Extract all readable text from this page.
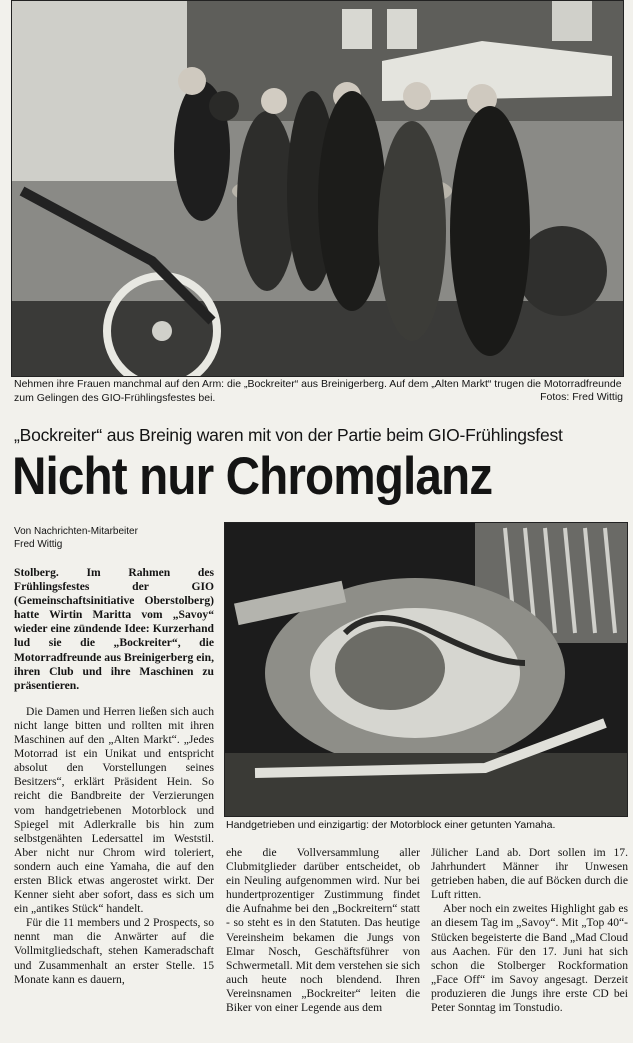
Nehmen ihre Frauen manchmal auf den Arm: die „Bockreiter“ aus Breinigerberg. Auf dem „Alten Markt“ trugen die Motorradfreunde zum Gelingen des GIO-Frühlingsfestes bei.	Fotos: Fred Wittig
„Bockreiter“ aus Breinig waren mit von der Partie beim GIO-Frühlingsfest
Nicht nur Chromglanz
Von Nachrichten-Mitarbeiter
Fred Wittig

Stolberg. Im Rahmen des Frühlingsfestes der GIO (Gemeinschaftsinitiative Oberstolberg) hatte Wirtin Maritta vom „Savoy“ wieder eine zündende Idee: Kurzerhand lud sie die „Bockreiter“, die Motorradfreunde aus Breinigerberg ein, ihren Club und ihre Maschinen zu präsentieren.

Die Damen und Herren ließen sich auch nicht lange bitten und rollten mit ihren Maschinen auf den „Alten Markt“. „Jedes Motorrad ist ein Unikat und entspricht absolut den Vorstellungen seines Besitzers“, erklärt Präsident Hein. So reicht die Bandbreite der Verzierungen vom handgetriebenen Motorblock und Spiegel mit Adlerkralle bis hin zum selbstgenähten Ledersattel im Weststil. Aber nicht nur Chrom wird toleriert, sondern auch eine Yamaha, die auf den ersten Blick etwas angerostet wirkt. Der Kenner sieht aber sofort, dass es sich um ein „antikes Stück“ handelt.

Für die 11 members und 2 Prospects, so nennt man die Anwärter auf die Vollmitgliedschaft, stehen Kameradschaft und Zusammenhalt an erster Stelle. 15 Monate kann es dauern,

Handgetrieben und einzigartig: der Motorblock einer getunten Yamaha.

ehe die Vollversammlung aller Clubmitglieder darüber entscheidet, ob ein Neuling aufgenommen wird. Nur bei hundertprozentiger Zustimmung findet die Aufnahme bei den „Bockreitern“ statt - so steht es in den Statuten. Das heutige Vereinsheim bekamen die Jungs von Elmar Nosch, Geschäftsführer von Schwermetall. Mit dem verstehen sie sich auch heute noch blendend. Ihren Vereinsnamen „Bockreiter“ leiten die Biker von einer Legende aus dem

Jülicher Land ab. Dort sollen im 17. Jahrhundert Männer ihr Unwesen getrieben haben, die auf Böcken durch die Luft ritten.

Aber noch ein zweites Highlight gab es an diesem Tag im „Savoy“. Mit „Top 40“-Stücken begeisterte die Band „Mad Cloud aus Aachen. Für den 17. Juni hat sich schon die Stolberger Rockformation „Face Off“ im Savoy angesagt. Derzeit produzieren die Jungs ihre erste CD bei Peter Sonntag im Tonstudio.
